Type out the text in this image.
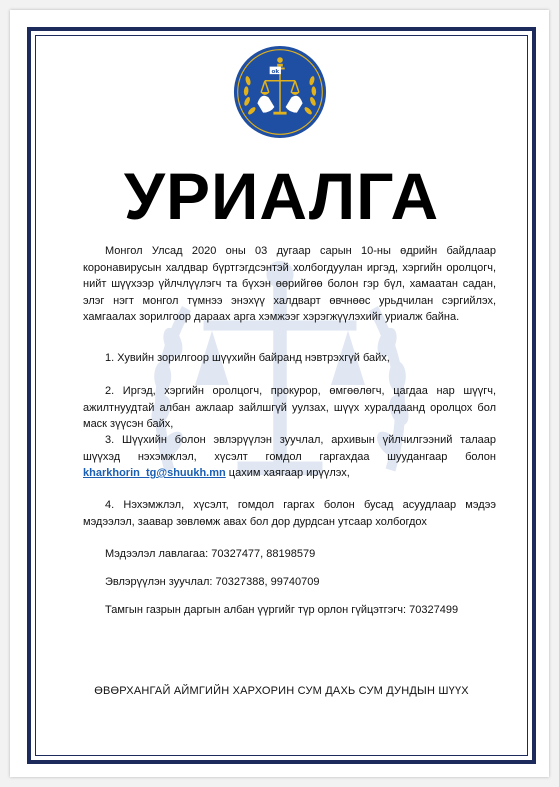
ok
УРИАЛГА
Монгол Улсад 2020 оны 03 дугаар сарын 10-ны өдрийн байдлаар коронавирусын халдвар бүртгэгдсэнтэй холбогдуулан иргэд, хэргийн оролцогч, нийт шүүхээр үйлчлүүлэгч та бүхэн өөрийгөө болон гэр бүл, хамаатан садан, элэг нэгт монгол түмнээ энэхүү халдварт өвчнөөс урьдчилан сэргийлэх, хамгаалах зорилгоор дараах арга хэмжээг хэрэгжүүлэхийг уриалж байна.
1. Хувийн зорилгоор шүүхийн байранд нэвтрэхгүй байх,
2. Иргэд, хэргийн оролцогч, прокурор, өмгөөлөгч, цагдаа нар шүүгч, ажилтнуудтай албан ажлаар зайлшгүй уулзах, шүүх хуралдаанд оролцох бол маск зүүсэн байх,
3. Шүүхийн болон эвлэрүүлэн зуучлал, архивын үйлчилгээний талаар шүүхэд нэхэмжлэл, хүсэлт гомдол гаргахдаа шуудангаар болон kharkhorin_tg@shuukh.mn цахим хаягаар ирүүлэх,
4. Нэхэмжлэл, хүсэлт, гомдол гаргах болон бусад асуудлаар мэдээ мэдээлэл, заавар зөвлөмж авах бол дор дурдсан утсаар холбогдох
Мэдээлэл лавлагаа: 70327477, 88198579
Эвлэрүүлэн зуучлал: 70327388, 99740709
Тамгын газрын даргын албан үүргийг түр орлон гүйцэтгэгч: 70327499
ӨВӨРХАНГАЙ АЙМГИЙН ХАРХОРИН СУМ ДАХЬ СУМ ДУНДЫН ШҮҮХ
